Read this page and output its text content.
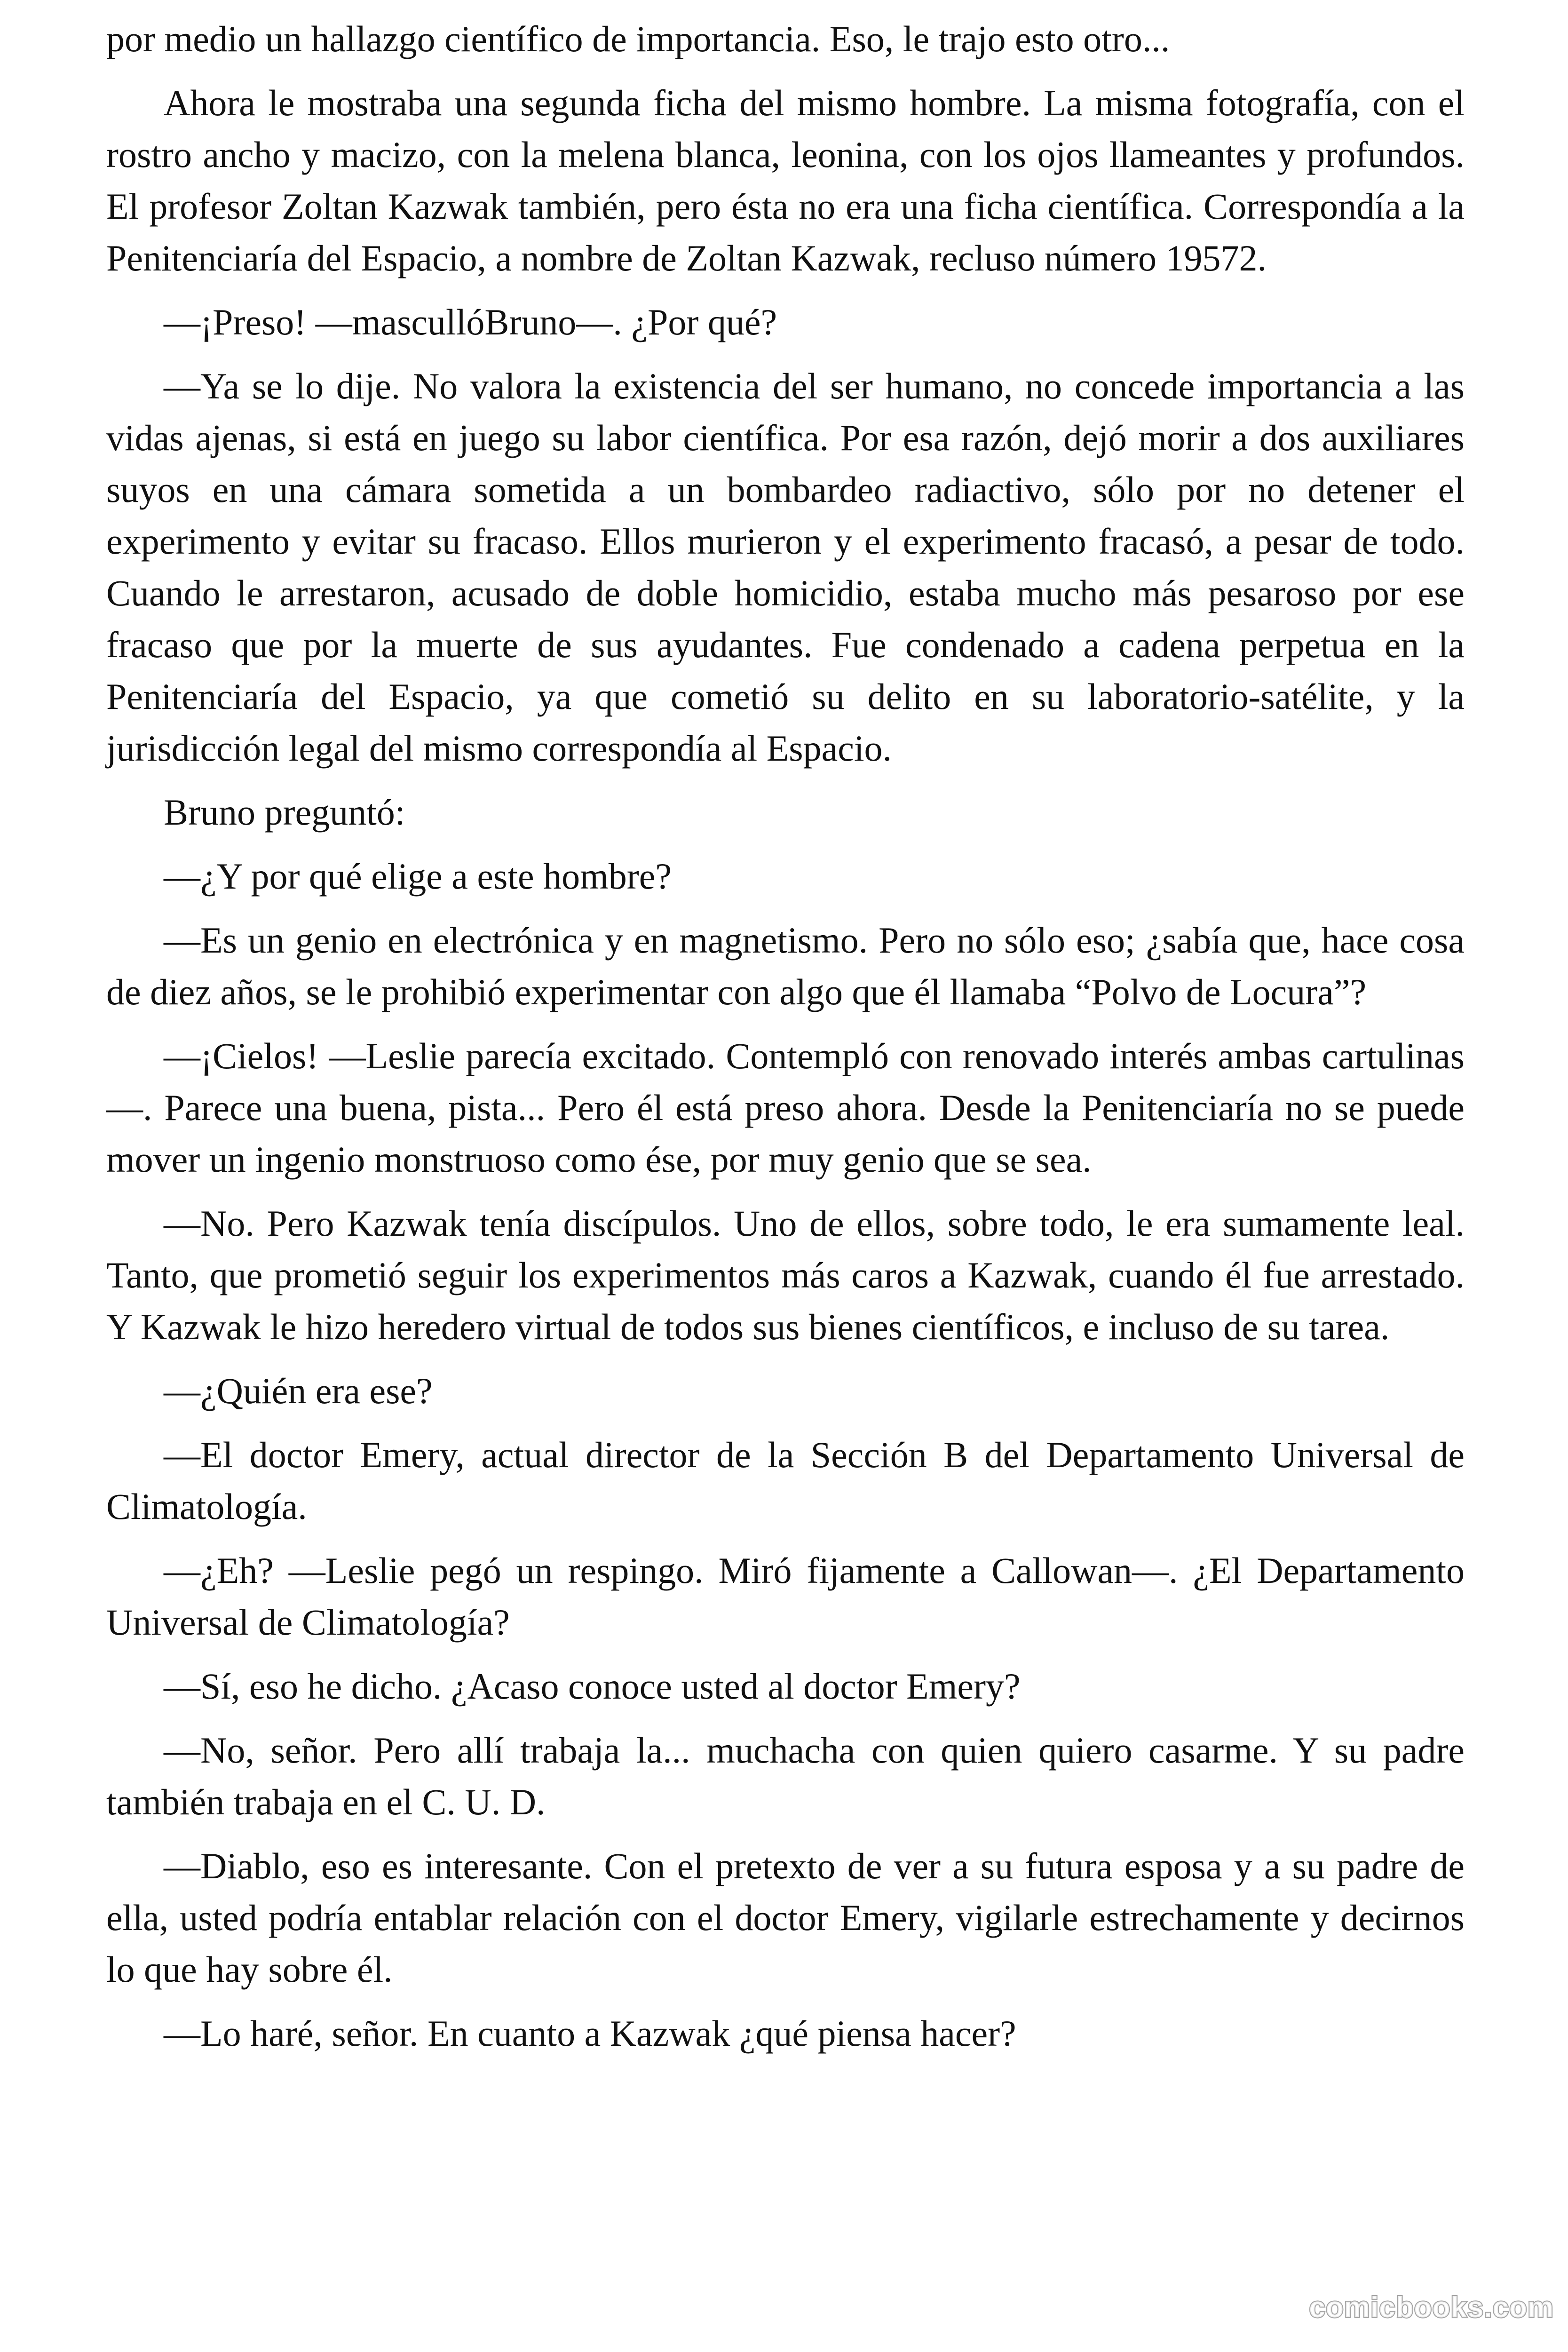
por medio un hallazgo científico de importancia. Eso, le trajo esto otro...

Ahora le mostraba una segunda ficha del mismo hombre. La misma fotografía, con el rostro ancho y macizo, con la melena blanca, leonina, con los ojos llameantes y profundos. El profesor Zoltan Kazwak también, pero ésta no era una ficha científica. Correspondía a la Penitenciaría del Espacio, a nombre de Zoltan Kazwak, recluso número 19572.

—¡Preso! —mascullóBruno—. ¿Por qué?

—Ya se lo dije. No valora la existencia del ser humano, no concede importancia a las vidas ajenas, si está en juego su labor científica. Por esa razón, dejó morir a dos auxiliares suyos en una cámara sometida a un bombardeo radiactivo, sólo por no detener el experimento y evitar su fracaso. Ellos murieron y el experimento fracasó, a pesar de todo. Cuando le arrestaron, acusado de doble homicidio, estaba mucho más pesaroso por ese fracaso que por la muerte de sus ayudantes. Fue condenado a cadena perpetua en la Penitenciaría del Espacio, ya que cometió su delito en su laboratorio-satélite, y la jurisdicción legal del mismo correspondía al Espacio.

Bruno preguntó:

—¿Y por qué elige a este hombre?

—Es un genio en electrónica y en magnetismo. Pero no sólo eso; ¿sabía que, hace cosa de diez años, se le prohibió experimentar con algo que él llamaba “Polvo de Locura”?

—¡Cielos! —Leslie parecía excitado. Contempló con renovado interés ambas cartulinas—. Parece una buena, pista... Pero él está preso ahora. Desde la Penitenciaría no se puede mover un ingenio monstruoso como ése, por muy genio que se sea.

—No. Pero Kazwak tenía discípulos. Uno de ellos, sobre todo, le era sumamente leal. Tanto, que prometió seguir los experimentos más caros a Kazwak, cuando él fue arrestado. Y Kazwak le hizo heredero virtual de todos sus bienes científicos, e incluso de su tarea.

—¿Quién era ese?

—El doctor Emery, actual director de la Sección B del Departamento Universal de Climatología.

—¿Eh? —Leslie pegó un respingo. Miró fijamente a Callowan—. ¿El Departamento Universal de Climatología?

—Sí, eso he dicho. ¿Acaso conoce usted al doctor Emery?

—No, señor. Pero allí trabaja la... muchacha con quien quiero casarme. Y su padre también trabaja en el C. U. D.

—Diablo, eso es interesante. Con el pretexto de ver a su futura esposa y a su padre de ella, usted podría entablar relación con el doctor Emery, vigilarle estrechamente y decirnos lo que hay sobre él.

—Lo haré, señor. En cuanto a Kazwak ¿qué piensa hacer?

comicbooks.com
